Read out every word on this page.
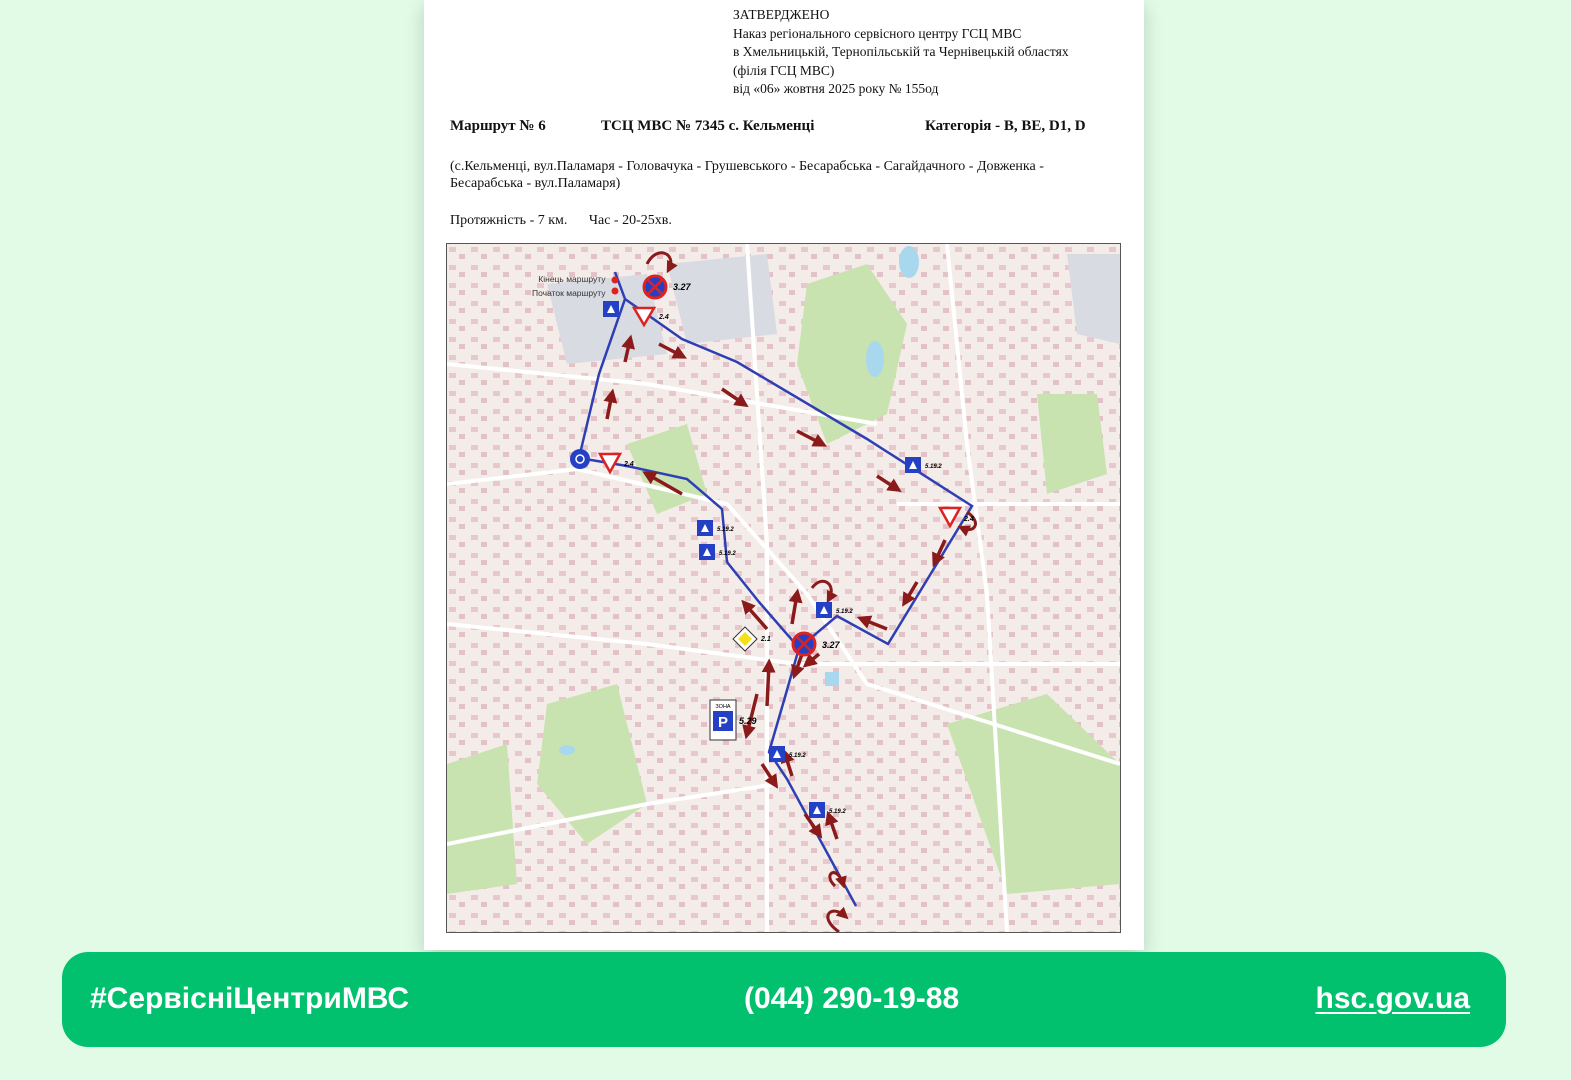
ЗАТВЕРДЖЕНО
Наказ регіонального сервісного центру ГСЦ МВС
в Хмельницькій, Тернопільській та Чернівецькій областях
(філія ГСЦ МВС)
від «06» жовтня 2025 року № 155од
Маршрут № 6	ТСЦ МВС № 7345 с. Кельменці	Категорія - B, BE, D1, D
(с.Кельменці, вул.Паламаря - Головачука - Грушевського - Бесарабська - Сагайдачного - Довженка - Бесарабська - вул.Паламаря)
Протяжність - 7 км. Час - 20-25хв.
2.4
2.4
2.4
3.27
3.27
2.1
ЗОНА
P 5.29
5.19.2
5.19.2
5.19.2
5.19.2
5.19.2
5.19.2
Кінець маршруту
Початок маршруту
#СервісніЦентриМВС	(044) 290-19-88	hsc.gov.ua
